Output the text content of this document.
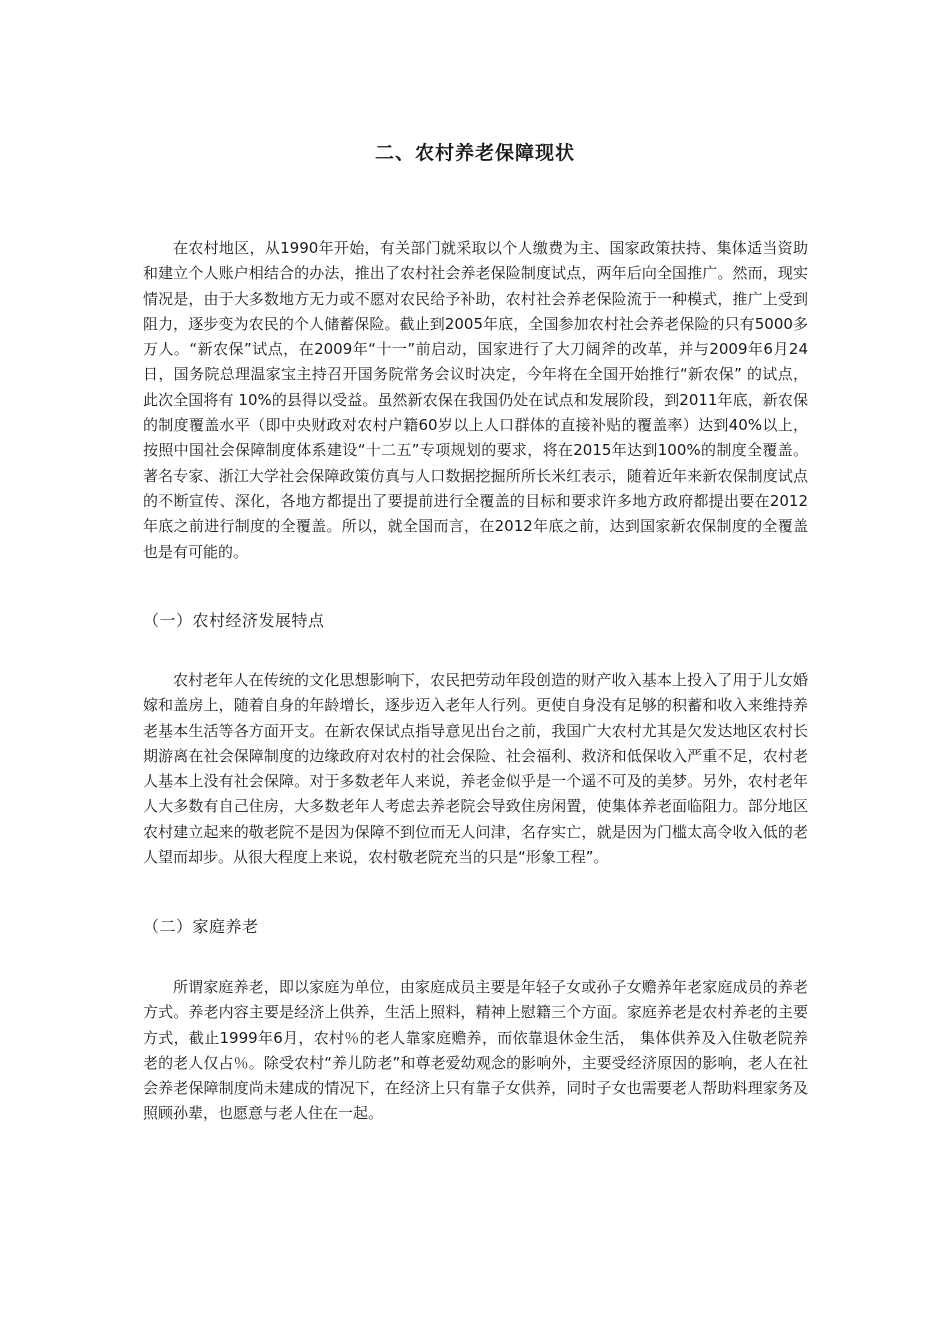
二、农村养老保障现状

在农村地区，从1990年开始，有关部门就采取以个人缴费为主、国家政策扶持、集体适当资助和建立个人账户相结合的办法，推出了农村社会养老保险制度试点，两年后向全国推广。然而，现实情况是，由于大多数地方无力或不愿对农民给予补助，农村社会养老保险流于一种模式，推广上受到阻力，逐步变为农民的个人储蓄保险。截止到2005年底，全国参加农村社会养老保险的只有5000多万人。“新农保”试点，在2009年“十一”前启动，国家进行了大刀阔斧的改革，并与2009年6月24日，国务院总理温家宝主持召开国务院常务会议时决定，今年将在全国开始推行“新农保” 的试点，此次全国将有 10%的县得以受益。虽然新农保在我国仍处在试点和发展阶段，到2011年底，新农保的制度覆盖水平（即中央财政对农村户籍60岁以上人口群体的直接补贴的覆盖率）达到40%以上，按照中国社会保障制度体系建设“十二五”专项规划的要求，将在2015年达到100%的制度全覆盖。著名专家、浙江大学社会保障政策仿真与人口数据挖掘所所长米红表示，随着近年来新农保制度试点的不断宣传、深化，各地方都提出了要提前进行全覆盖的目标和要求许多地方政府都提出要在2012年底之前进行制度的全覆盖。所以，就全国而言，在2012年底之前，达到国家新农保制度的全覆盖也是有可能的。

（一）农村经济发展特点

农村老年人在传统的文化思想影响下，农民把劳动年段创造的财产收入基本上投入了用于儿女婚嫁和盖房上，随着自身的年龄增长，逐步迈入老年人行列。更使自身没有足够的积蓄和收入来维持养老基本生活等各方面开支。在新农保试点指导意见出台之前，我国广大农村尤其是欠发达地区农村长期游离在社会保障制度的边缘政府对农村的社会保险、社会福利、救济和低保收入严重不足，农村老人基本上没有社会保障。对于多数老年人来说，养老金似乎是一个遥不可及的美梦。另外，农村老年人大多数有自己住房，大多数老年人考虑去养老院会导致住房闲置，使集体养老面临阻力。部分地区农村建立起来的敬老院不是因为保障不到位而无人问津，名存实亡，就是因为门槛太高令收入低的老人望而却步。从很大程度上来说，农村敬老院充当的只是“形象工程”。

（二）家庭养老

所谓家庭养老，即以家庭为单位，由家庭成员主要是年轻子女或孙子女赡养年老家庭成员的养老方式。养老内容主要是经济上供养，生活上照料，精神上慰籍三个方面。家庭养老是农村养老的主要方式，截止1999年6月，农村％的老人靠家庭赡养，而依靠退休金生活， 集体供养及入住敬老院养老的老人仅占％。除受农村“养儿防老”和尊老爱幼观念的影响外，主要受经济原因的影响，老人在社会养老保障制度尚未建成的情况下，在经济上只有靠子女供养，同时子女也需要老人帮助料理家务及照顾孙辈，也愿意与老人住在一起。
